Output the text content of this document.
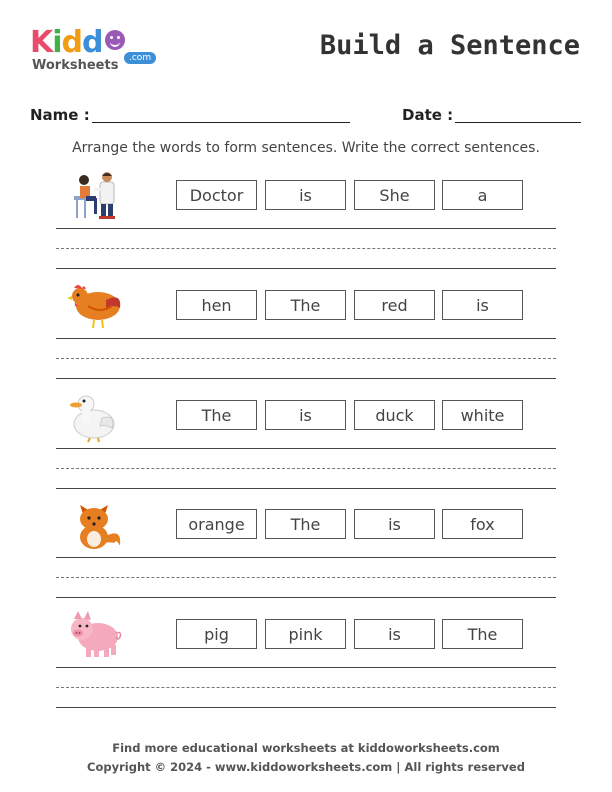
Kidd
Worksheets	.com	Build a Sentence
Name :	Date :
Arrange the words to form sentences. Write the correct sentences.
Doctor	is	She	a
hen	The	red	is
The	is	duck	white
orange	The	is	fox
pig	pink	is	The
Find more educational worksheets at kiddoworksheets.com
Copyright © 2024 - www.kiddoworksheets.com | All rights reserved
